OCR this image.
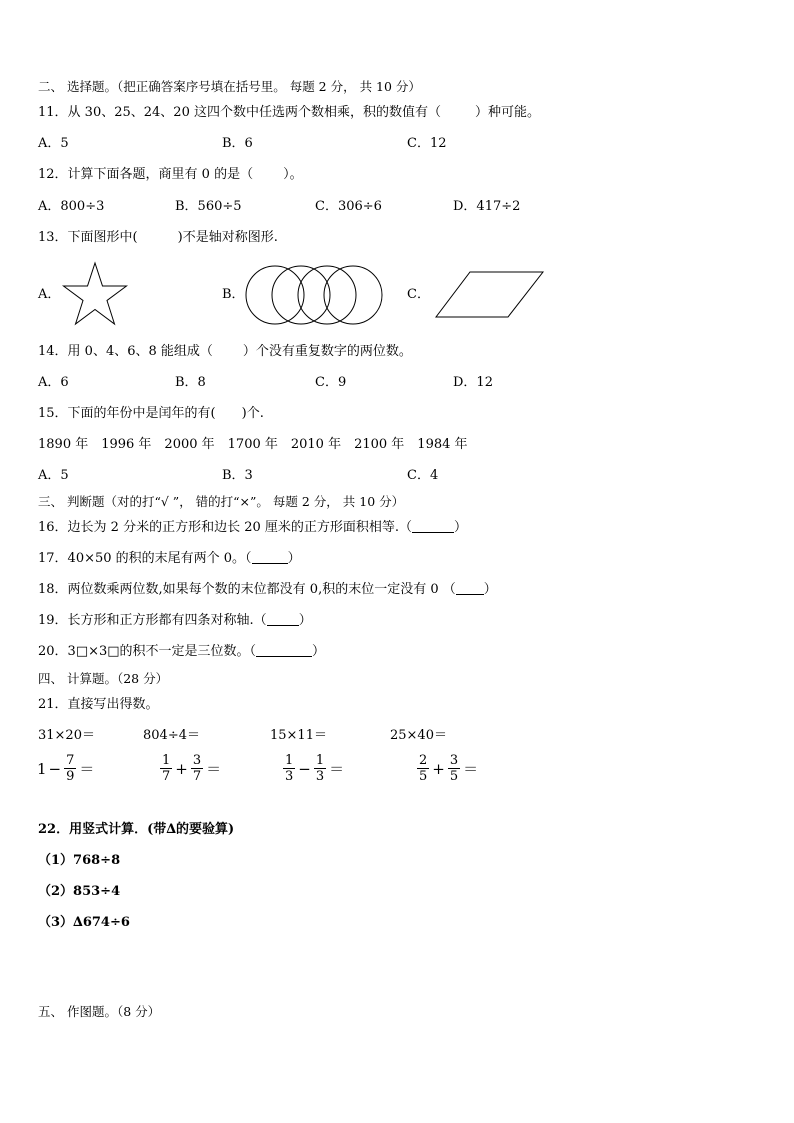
二、 选择题。（把正确答案序号填在括号里。 每题 2 分， 共 10 分）
11．从 30、25、24、20 这四个数中任选两个数相乘，积的数值有（	）种可能。
A．5	B．6	C．12
12．计算下面各题，商里有 0 的是（ ）。
A．800÷3	B．560÷5	C．306÷6	D．417÷2
13．下面图形中(	)不是轴对称图形.
A．	B．	C．
14．用 0、4、6、8 能组成（ ）个没有重复数字的两位数。
A．6	B．8	C．9	D．12
15．下面的年份中是闰年的有( )个.
1890 年　1996 年　2000 年　1700 年　2010 年　2100 年　1984 年
A．5	B．3	C．4
三、 判断题（对的打“√ ”， 错的打“×”。 每题 2 分， 共 10 分）
16．边长为 2 分米的正方形和边长 20 厘米的正方形面积相等.（	）
17．40×50 的积的末尾有两个 0。（	）
18．两位数乘两位数,如果每个数的末位都没有 0,积的末位一定没有 0 （ ）
19．长方形和正方形都有四条对称轴.（ ）
20．3□×3□的积不一定是三位数。（	）
四、 计算题。（28 分）
21．直接写出得数。
31×20＝	804÷4＝	15×11＝	25×40＝
$1 - \frac{7}{9}$ ＝	$\frac{1}{7} + \frac{3}{7}$ ＝	$\frac{1}{3} - \frac{1}{3}$ ＝	$\frac{2}{5} + \frac{3}{5}$ ＝
22．用竖式计算．(带∆的要验算)
（1）768÷8
（2）853÷4
（3）∆674÷6
五、 作图题。（8 分）
